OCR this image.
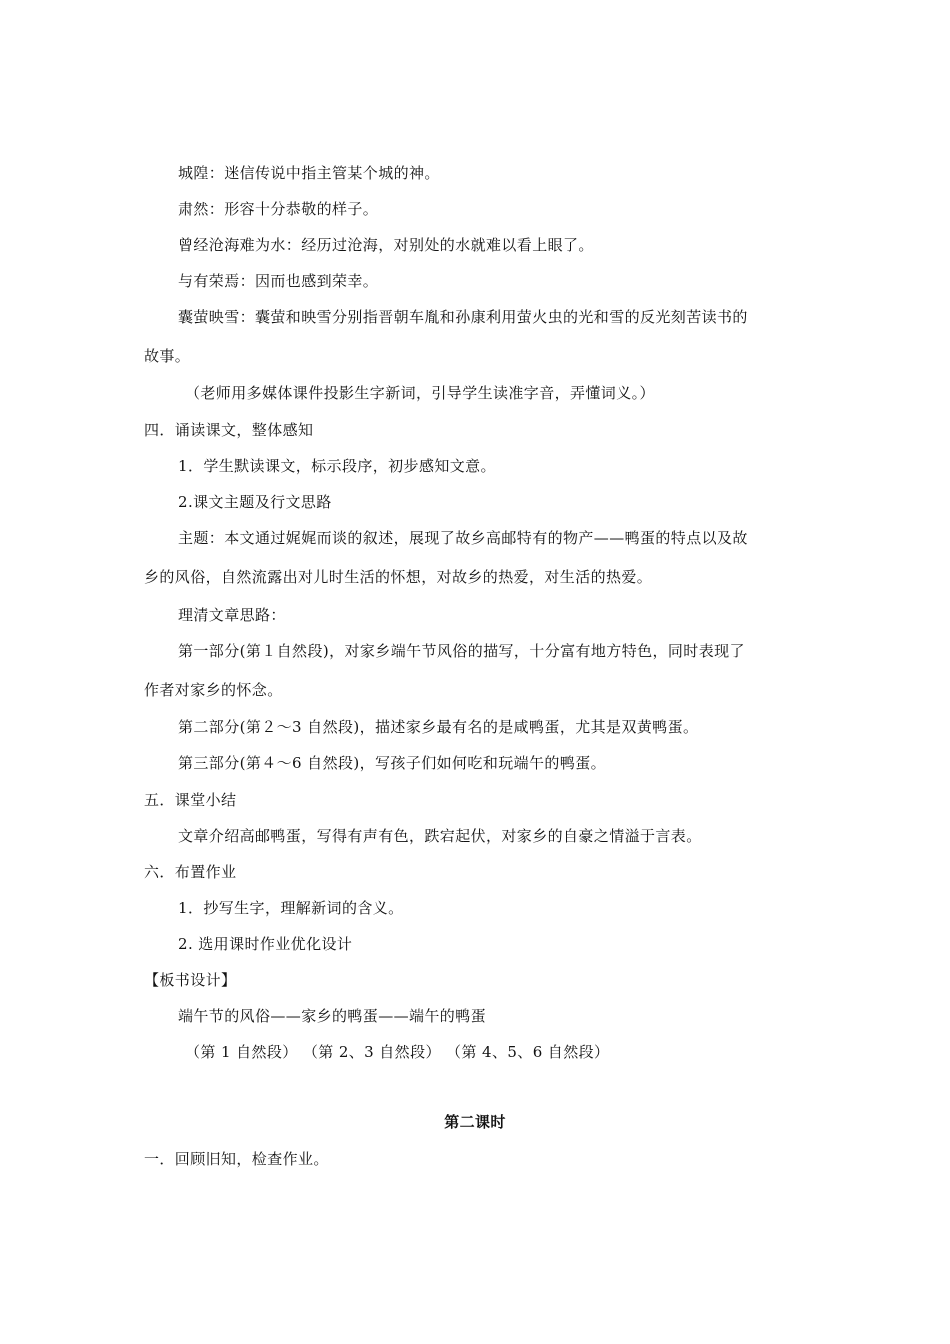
城隍：迷信传说中指主管某个城的神。
肃然：形容十分恭敬的样子。
曾经沧海难为水：经历过沧海，对别处的水就难以看上眼了。
与有荣焉：因而也感到荣幸。
囊萤映雪：囊萤和映雪分别指晋朝车胤和孙康利用萤火虫的光和雪的反光刻苦读书的
故事。
（老师用多媒体课件投影生字新词，引导学生读准字音，弄懂词义。）
四．诵读课文，整体感知
1．学生默读课文，标示段序，初步感知文意。
2.课文主题及行文思路
主题：本文通过娓娓而谈的叙述，展现了故乡高邮特有的物产——鸭蛋的特点以及故
乡的风俗，自然流露出对儿时生活的怀想，对故乡的热爱，对生活的热爱。
理清文章思路：
第一部分(第１自然段)，对家乡端午节风俗的描写，十分富有地方特色，同时表现了
作者对家乡的怀念。
第二部分(第２～3 自然段)，描述家乡最有名的是咸鸭蛋，尤其是双黄鸭蛋。
第三部分(第４～6 自然段)，写孩子们如何吃和玩端午的鸭蛋。
五．课堂小结
文章介绍高邮鸭蛋，写得有声有色，跌宕起伏，对家乡的自豪之情溢于言表。
六．布置作业
1．抄写生字，理解新词的含义。
2. 选用课时作业优化设计
【板书设计】
端午节的风俗——家乡的鸭蛋——端午的鸭蛋
（第 1 自然段） （第 2、3 自然段） （第 4、5、6 自然段）
第二课时
一．回顾旧知，检查作业。
